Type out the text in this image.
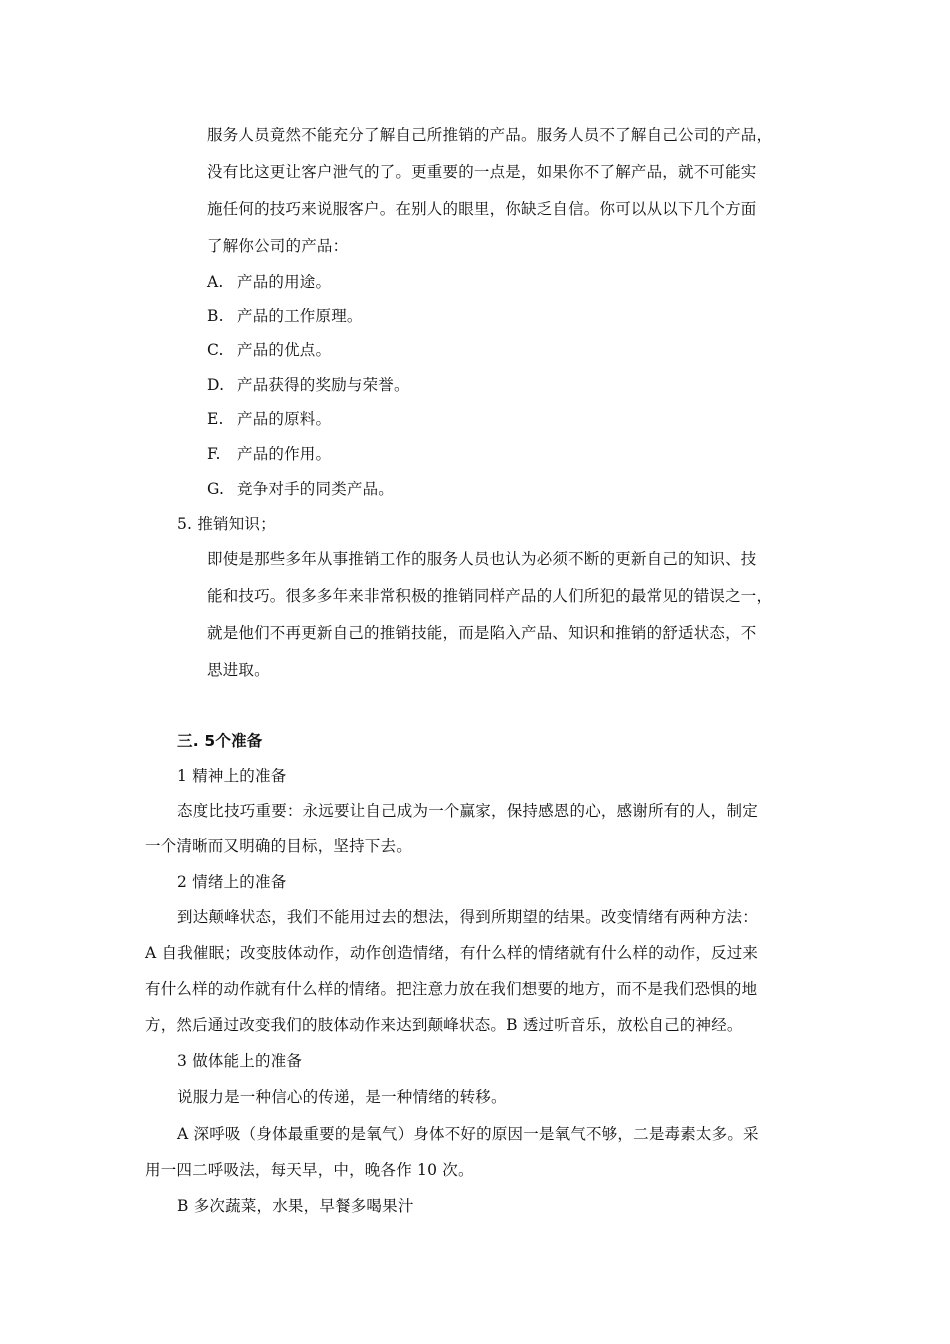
服务人员竟然不能充分了解自己所推销的产品。服务人员不了解自己公司的产品，
没有比这更让客户泄气的了。更重要的一点是，如果你不了解产品，就不可能实
施任何的技巧来说服客户。在别人的眼里，你缺乏自信。你可以从以下几个方面
了解你公司的产品：
A. 产品的用途。
B. 产品的工作原理。
C. 产品的优点。
D. 产品获得的奖励与荣誉。
E. 产品的原料。
F. 产品的作用。
G. 竞争对手的同类产品。
5. 推销知识；
即使是那些多年从事推销工作的服务人员也认为必须不断的更新自己的知识、技
能和技巧。很多多年来非常积极的推销同样产品的人们所犯的最常见的错误之一，
就是他们不再更新自己的推销技能，而是陷入产品、知识和推销的舒适状态，不
思进取。
三. 5个准备
1 精神上的准备
态度比技巧重要：永远要让自己成为一个赢家，保持感恩的心，感谢所有的人，制定
一个清晰而又明确的目标，坚持下去。
2 情绪上的准备
到达颠峰状态，我们不能用过去的想法，得到所期望的结果。改变情绪有两种方法：
A 自我催眠；改变肢体动作，动作创造情绪，有什么样的情绪就有什么样的动作，反过来
有什么样的动作就有什么样的情绪。把注意力放在我们想要的地方，而不是我们恐惧的地
方，然后通过改变我们的肢体动作来达到颠峰状态。B 透过听音乐，放松自己的神经。
3 做体能上的准备
说服力是一种信心的传递，是一种情绪的转移。
A 深呼吸（身体最重要的是氧气）身体不好的原因一是氧气不够，二是毒素太多。采
用一四二呼吸法，每天早，中，晚各作 10 次。
B 多次蔬菜，水果，早餐多喝果汁
